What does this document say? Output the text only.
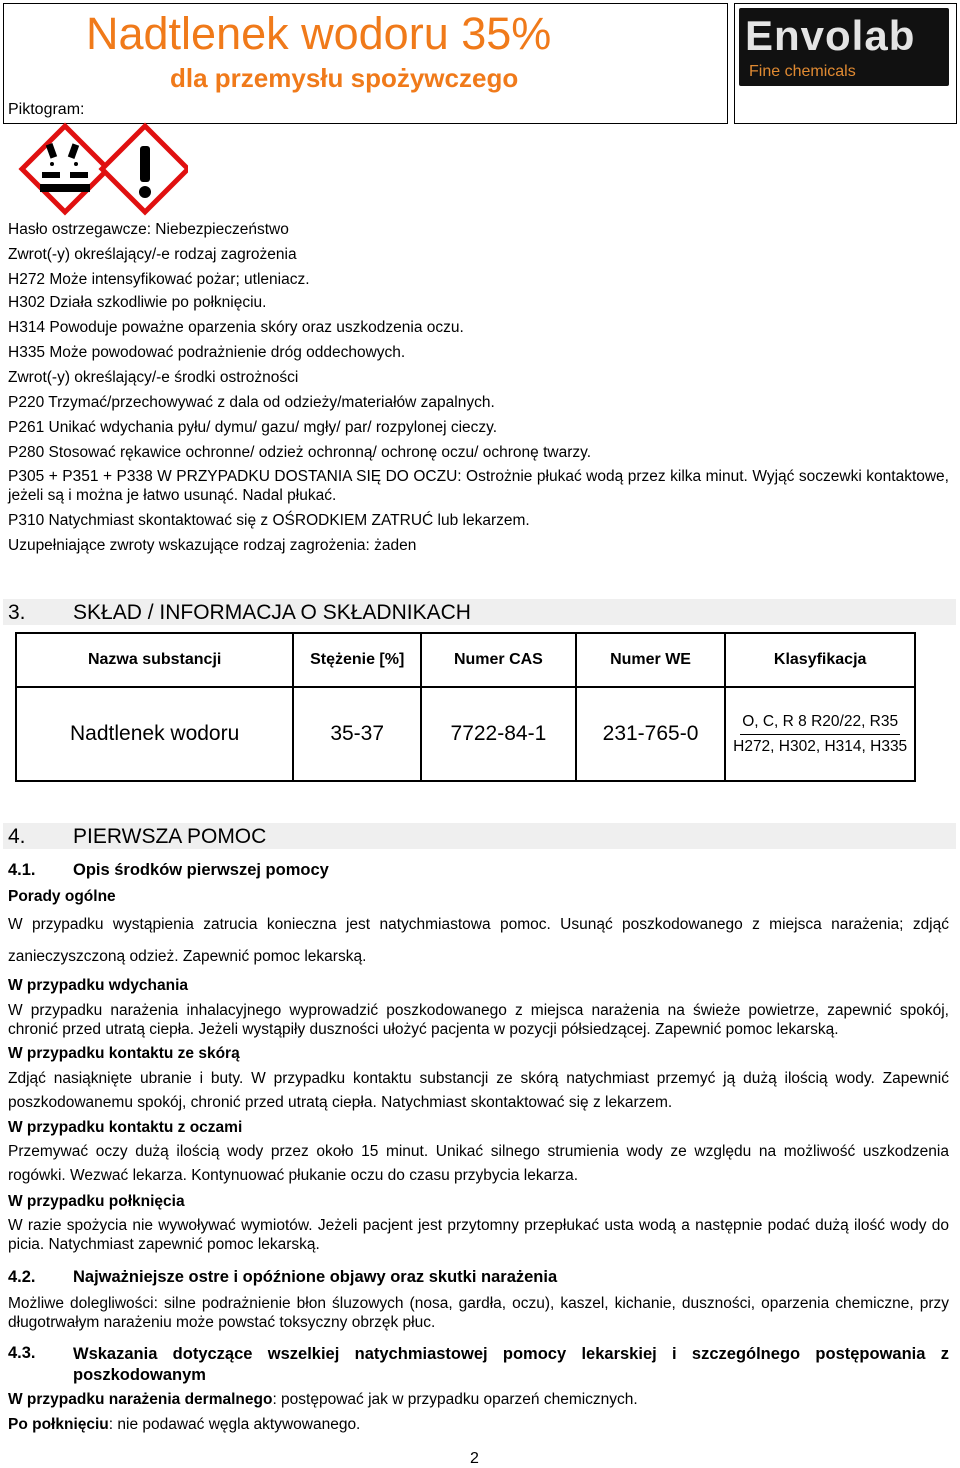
Nadtlenek wodoru 35%
dla przemysłu spożywczego
Piktogram:
Envolab
Fine chemicals
Hasło ostrzegawcze: Niebezpieczeństwo
Zwrot(-y) określający/-e rodzaj zagrożenia
H272 Może intensyfikować pożar; utleniacz.
H302 Działa szkodliwie po połknięciu.
H314 Powoduje poważne oparzenia skóry oraz uszkodzenia oczu.
H335 Może powodować podrażnienie dróg oddechowych.
Zwrot(-y) określający/-e środki ostrożności
P220 Trzymać/przechowywać z dala od odzieży/materiałów zapalnych.
P261 Unikać wdychania pyłu/ dymu/ gazu/ mgły/ par/ rozpylonej cieczy.
P280 Stosować rękawice ochronne/ odzież ochronną/ ochronę oczu/ ochronę twarzy.
P305 + P351 + P338 W PRZYPADKU DOSTANIA SIĘ DO OCZU: Ostrożnie płukać wodą przez kilka minut. Wyjąć soczewki kontaktowe, jeżeli są i można je łatwo usunąć. Nadal płukać.
P310 Natychmiast skontaktować się z OŚRODKIEM ZATRUĆ lub lekarzem.
Uzupełniające zwroty wskazujące rodzaj zagrożenia: żaden
3. SKŁAD / INFORMACJA O SKŁADNIKACH
Nazwa substancji	Stężenie [%]	Numer CAS	Numer WE	Klasyfikacja
Nadtlenek wodoru	35-37	7722-84-1	231-765-0	O, C, R 8 R20/22, R35
H272, H302, H314, H335
4. PIERWSZA POMOC
4.1. Opis środków pierwszej pomocy
Porady ogólne
W przypadku wystąpienia zatrucia konieczna jest natychmiastowa pomoc. Usunąć poszkodowanego z miejsca narażenia; zdjąć zanieczyszczoną odzież. Zapewnić pomoc lekarską.
W przypadku wdychania
W przypadku narażenia inhalacyjnego wyprowadzić poszkodowanego z miejsca narażenia na świeże powietrze, zapewnić spokój, chronić przed utratą ciepła. Jeżeli wystąpiły duszności ułożyć pacjenta w pozycji półsiedzącej. Zapewnić pomoc lekarską.
W przypadku kontaktu ze skórą
Zdjąć nasiąknięte ubranie i buty. W przypadku kontaktu substancji ze skórą natychmiast przemyć ją dużą ilością wody. Zapewnić poszkodowanemu spokój, chronić przed utratą ciepła. Natychmiast skontaktować się z lekarzem.
W przypadku kontaktu z oczami
Przemywać oczy dużą ilością wody przez około 15 minut. Unikać silnego strumienia wody ze względu na możliwość uszkodzenia rogówki. Wezwać lekarza. Kontynuować płukanie oczu do czasu przybycia lekarza.
W przypadku połknięcia
W razie spożycia nie wywoływać wymiotów. Jeżeli pacjent jest przytomny przepłukać usta wodą a następnie podać dużą ilość wody do picia. Natychmiast zapewnić pomoc lekarską.
4.2. Najważniejsze ostre i opóźnione objawy oraz skutki narażenia
Możliwe dolegliwości: silne podrażnienie błon śluzowych (nosa, gardła, oczu), kaszel, kichanie, duszności, oparzenia chemiczne, przy długotrwałym narażeniu może powstać toksyczny obrzęk płuc.
4.3. Wskazania dotyczące wszelkiej natychmiastowej pomocy lekarskiej i szczególnego postępowania z poszkodowanym
W przypadku narażenia dermalnego: postępować jak w przypadku oparzeń chemicznych.
Po połknięciu: nie podawać węgla aktywowanego.
2
